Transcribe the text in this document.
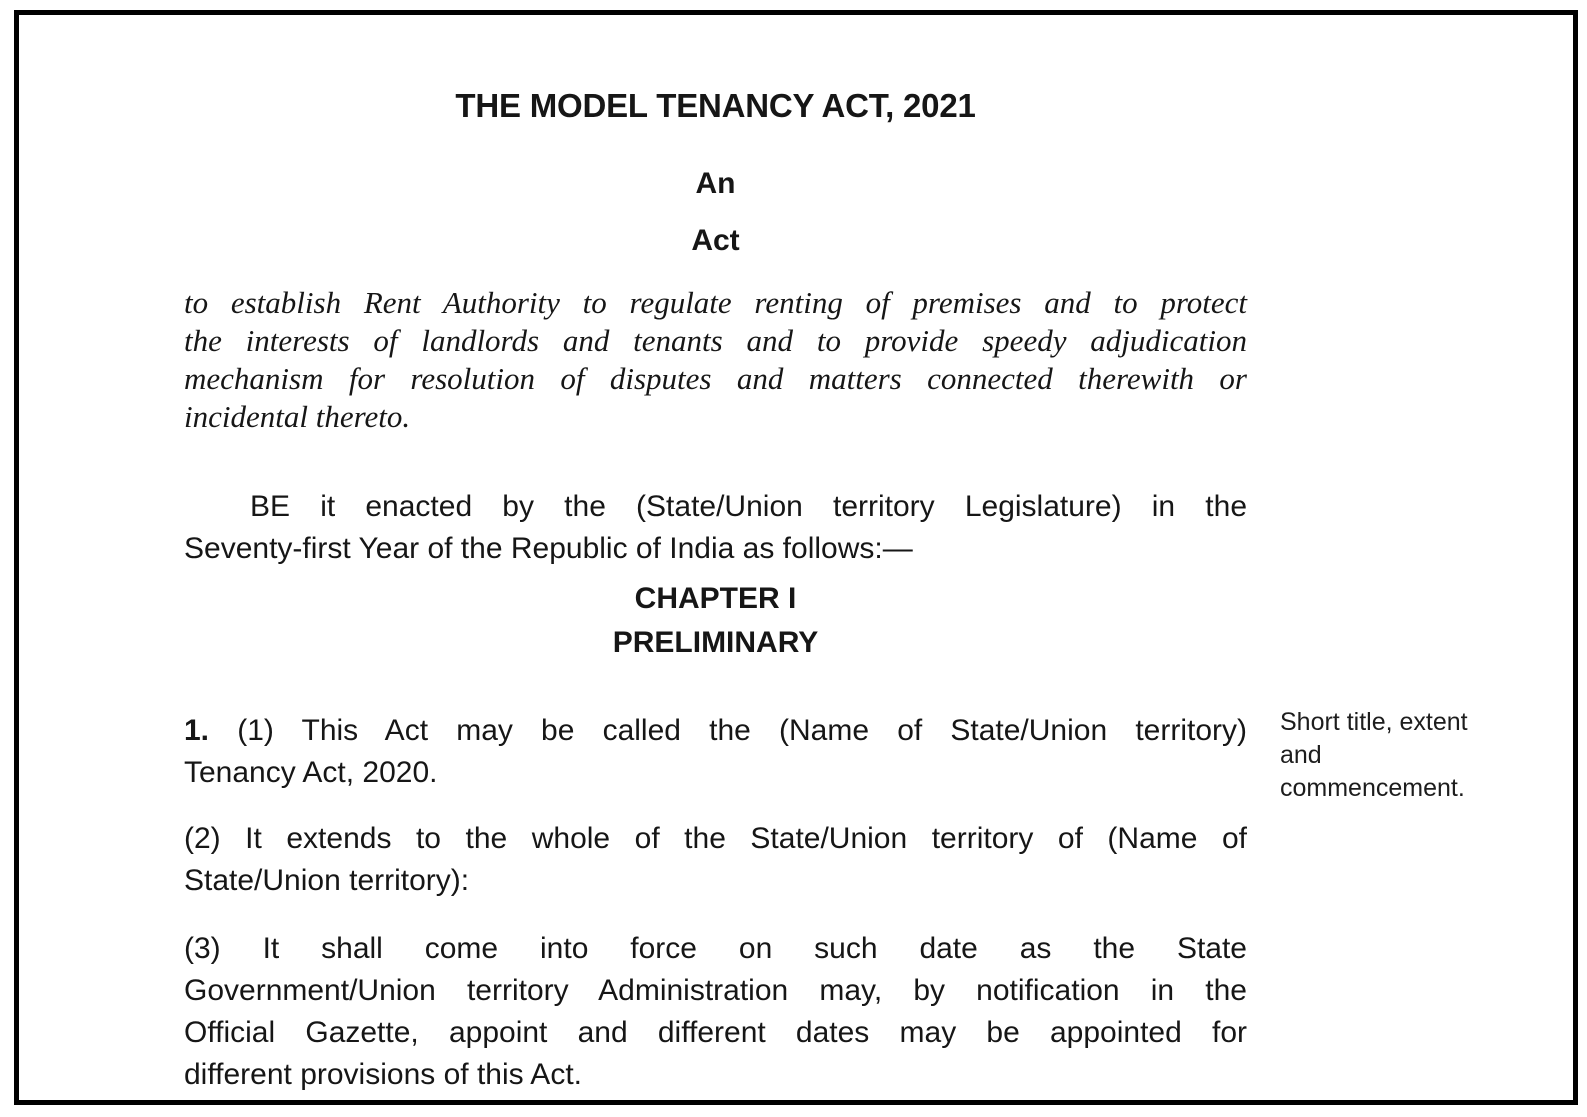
THE MODEL TENANCY ACT, 2021
An
Act
to establish Rent Authority to regulate renting of premises and to protect
the interests of landlords and tenants and to provide speedy adjudication
mechanism for resolution of disputes and matters connected therewith or
incidental thereto.
BE it enacted by the (State/Union territory Legislature) in the
Seventy-first Year of the Republic of India as follows:—
CHAPTER I
PRELIMINARY
1. (1) This Act may be called the (Name of State/Union territory)
Tenancy Act, 2020.
(2) It extends to the whole of the State/Union territory of (Name of
State/Union territory):
(3) It shall come into force on such date as the State
Government/Union territory Administration may, by notification in the
Official Gazette, appoint and different dates may be appointed for
different provisions of this Act.
Short title, extent
and
commencement.
